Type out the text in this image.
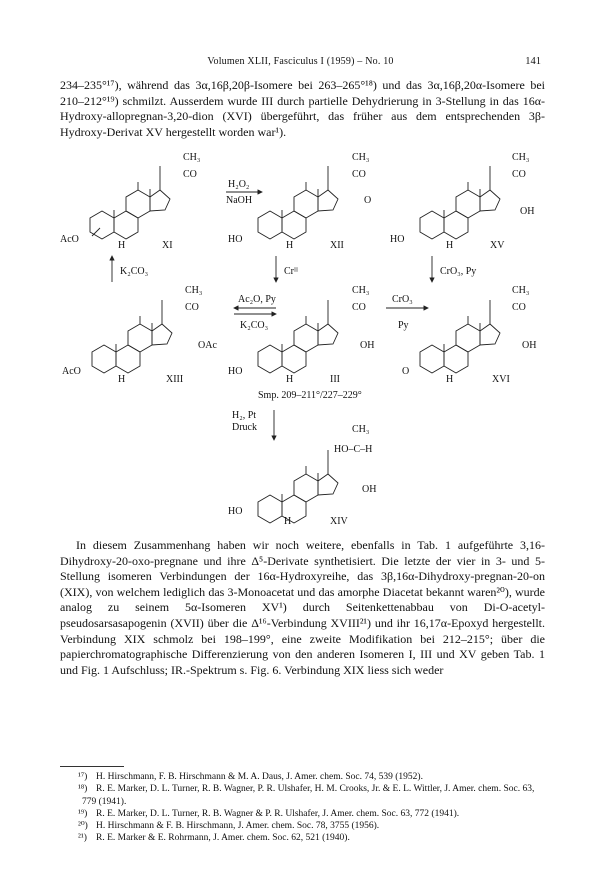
Volumen XLII, Fasciculus I (1959) – No. 10	141
234–235°¹⁷), während das 3α,16β,20β-Isomere bei 263–265°¹⁸) und das 3α,16β,20α-Isomere bei 210–212°¹⁹) schmilzt. Ausserdem wurde III durch partielle Dehydrierung in 3-Stellung in das 16α-Hydroxy-allopregnan-3,20-dion (XVI) übergeführt, das früher aus dem entsprechenden 3β-Hydroxy-Derivat XV hergestellt worden war¹).
CH₃
CO
AcO
H	XI
H₂O₂
NaOH
CH₃
CO
O
HO
H	XII
CH₃
CO
OH
HO
H	XV
K₂CO₃	Crᴵᴵ	CrO₃, Py
CH₃
CO
OAc
AcO
H	XIII
Ac₂O, Py
K₂CO₃
CH₃
CO
OH
HO
H	III
Smp. 209–211°/227–229°
CrO₃
Py
CH₃
CO
OH
O
H	XVI
H₂, Pt
Druck	CH₃
HO–C–H
OH
HO
H	XIV
In diesem Zusammenhang haben wir noch weitere, ebenfalls in Tab. 1 aufgeführte 3,16-Dihydroxy-20-oxo-pregnane und ihre Δ⁵-Derivate synthetisiert. Die letzte der vier in 3- und 5-Stellung isomeren Verbindungen der 16α-Hydroxyreihe, das 3β,16α-Dihydroxy-pregnan-20-on (XIX), von welchem lediglich das 3-Monoacetat und das amorphe Diacetat bekannt waren²⁰), wurde analog zu seinem 5α-Isomeren XV¹) durch Seitenkettenabbau von Di-O-acetyl-pseudosarsasapogenin (XVII) über die Δ¹⁶-Verbindung XVIII²¹) und ihr 16,17α-Epoxyd hergestellt. Verbindung XIX schmolz bei 198–199°, eine zweite Modifikation bei 212–215°; über die papierchromatographische Differenzierung von den anderen Isomeren I, III und XV geben Tab. 1 und Fig. 1 Aufschluss; IR.-Spektrum s. Fig. 6. Verbindung XIX liess sich weder

¹⁷) H. Hirschmann, F. B. Hirschmann & M. A. Daus, J. Amer. chem. Soc. 74, 539 (1952).

¹⁸) R. E. Marker, D. L. Turner, R. B. Wagner, P. R. Ulshafer, H. M. Crooks, Jr. & E. L. Wittler, J. Amer. chem. Soc. 63, 779 (1941).

¹⁹) R. E. Marker, D. L. Turner, R. B. Wagner & P. R. Ulshafer, J. Amer. chem. Soc. 63, 772 (1941).

²⁰) H. Hirschmann & F. B. Hirschmann, J. Amer. chem. Soc. 78, 3755 (1956).

²¹) R. E. Marker & E. Rohrmann, J. Amer. chem. Soc. 62, 521 (1940).
